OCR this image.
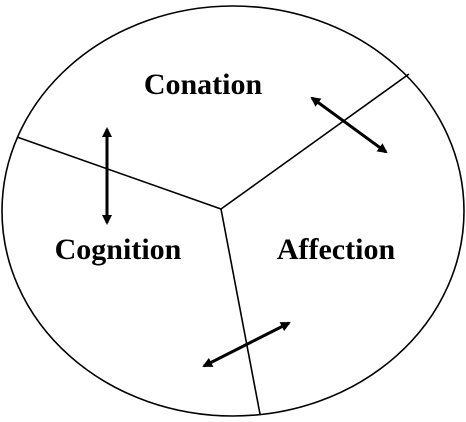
Conation
Cognition	Affection
